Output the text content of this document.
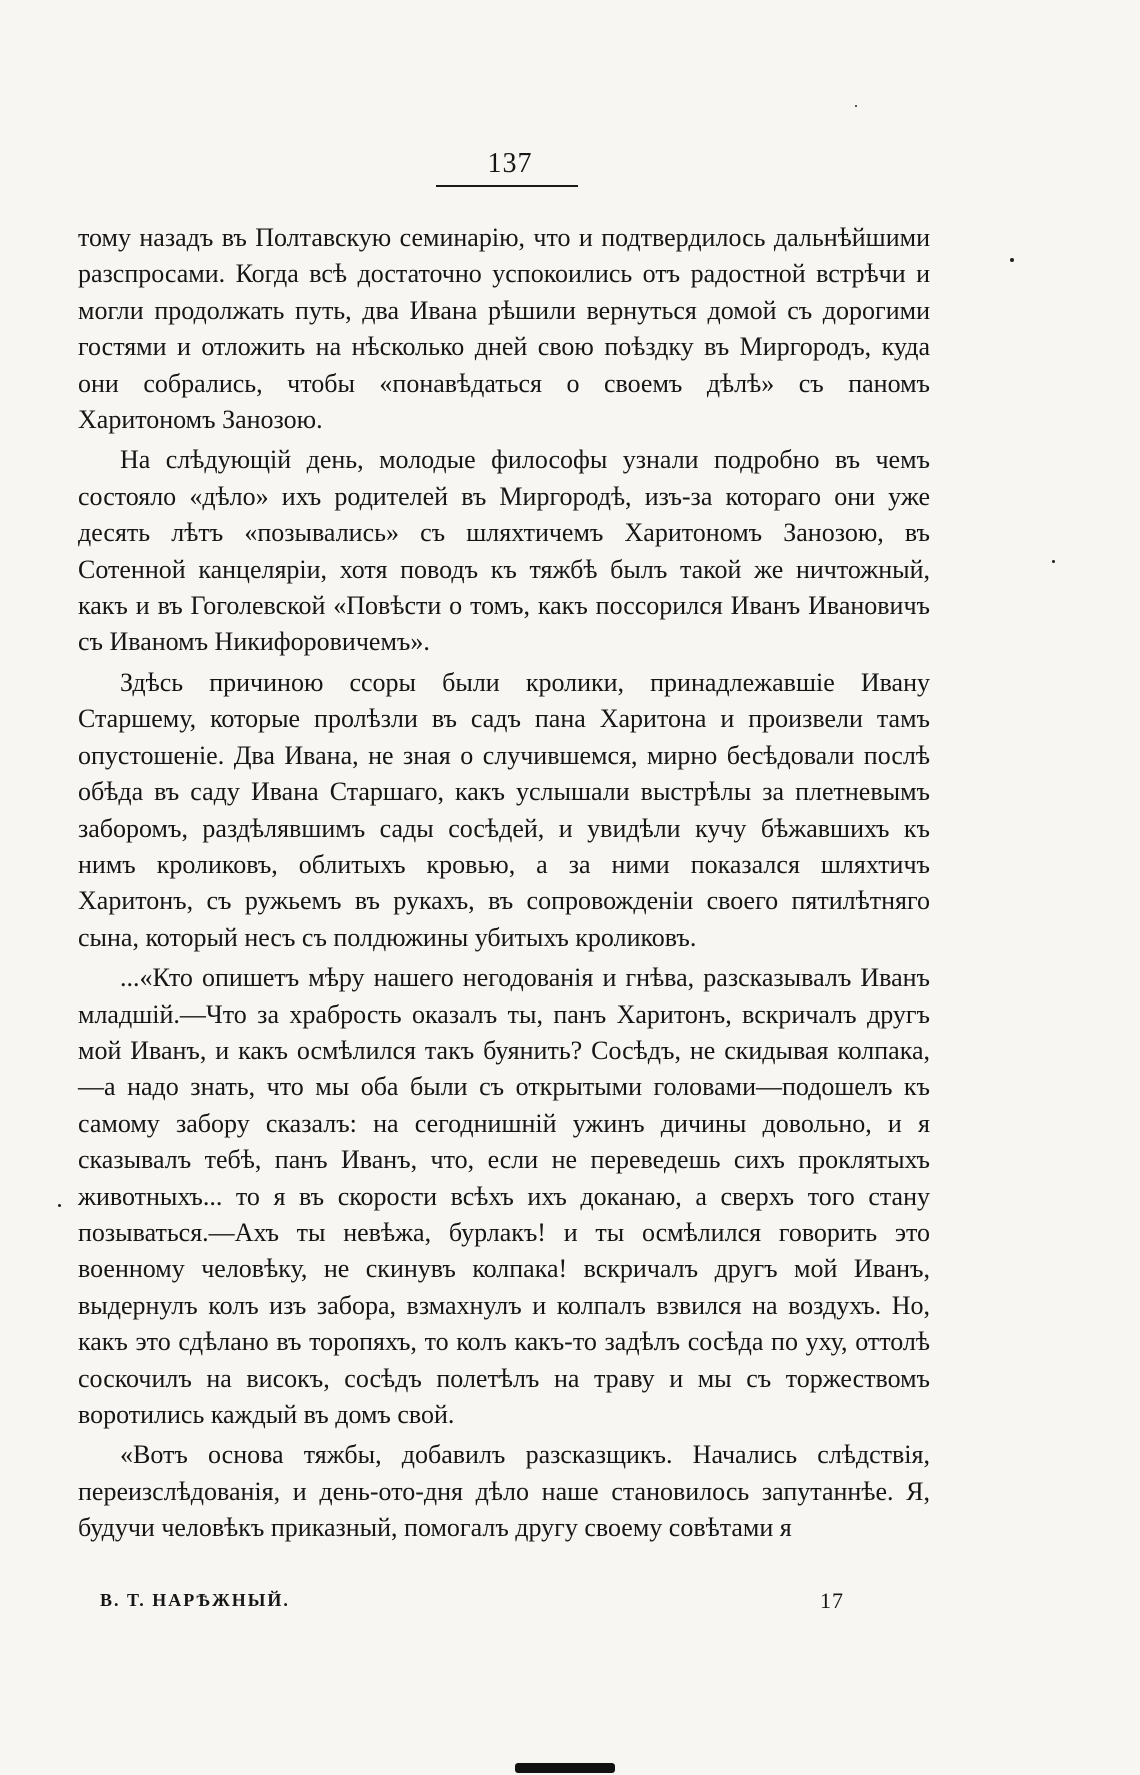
137

тому назадъ въ Полтавскую семинарію, что и подтвердилось дальнѣйшими разспросами. Когда всѣ достаточно успокоились отъ радостной встрѣчи и могли продолжать путь, два Ивана рѣшили вернуться домой съ дорогими гостями и отложить на нѣсколько дней свою поѣздку въ Миргородъ, куда они собрались, чтобы «понавѣдаться о своемъ дѣлѣ» съ паномъ Харитономъ Занозою.

На слѣдующій день, молодые философы узнали подробно въ чемъ состояло «дѣло» ихъ родителей въ Миргородѣ, изъ-за котораго они уже десять лѣтъ «позывались» съ шляхтичемъ Харитономъ Занозою, въ Сотенной канцеляріи, хотя поводъ къ тяжбѣ былъ такой же ничтожный, какъ и въ Гоголевской «Повѣсти о томъ, какъ поссорился Иванъ Ивановичъ съ Иваномъ Никифоровичемъ».

Здѣсь причиною ссоры были кролики, принадлежавшіе Ивану Старшему, которые пролѣзли въ садъ пана Харитона и произвели тамъ опустошеніе. Два Ивана, не зная о случившемся, мирно бесѣдовали послѣ обѣда въ саду Ивана Старшаго, какъ услышали выстрѣлы за плетневымъ заборомъ, раздѣлявшимъ сады сосѣдей, и увидѣли кучу бѣжавшихъ къ нимъ кроликовъ, облитыхъ кровью, а за ними показался шляхтичъ Харитонъ, съ ружьемъ въ рукахъ, въ сопровожденіи своего пятилѣтняго сына, который несъ съ полдюжины убитыхъ кроликовъ.

...«Кто опишетъ мѣру нашего негодованія и гнѣва, разсказывалъ Иванъ младшій.—Что за храбрость оказалъ ты, панъ Харитонъ, вскричалъ другъ мой Иванъ, и какъ осмѣлился такъ буянить? Сосѣдъ, не скидывая колпака,—а надо знать, что мы оба были съ открытыми головами—подошелъ къ самому забору сказалъ: на сегоднишній ужинъ дичины довольно, и я сказывалъ тебѣ, панъ Иванъ, что, если не переведешь сихъ проклятыхъ животныхъ... то я въ скорости всѣхъ ихъ доканаю, а сверхъ того стану позываться.—Ахъ ты невѣжа, бурлакъ! и ты осмѣлился говорить это военному человѣку, не скинувъ колпака! вскричалъ другъ мой Иванъ, выдернулъ колъ изъ забора, взмахнулъ и колпалъ взвился на воздухъ. Но, какъ это сдѣлано въ торопяхъ, то колъ какъ-то задѣлъ сосѣда по уху, оттолѣ соскочилъ на високъ, сосѣдъ полетѣлъ на траву и мы съ торжествомъ воротились каждый въ домъ свой.

«Вотъ основа тяжбы, добавилъ разсказщикъ. Начались слѣдствія, переизслѣдованія, и день-ото-дня дѣло наше становилось запутаннѣе. Я, будучи человѣкъ приказный, помогалъ другу своему совѣтами я

В. Т. НАРѢЖНЫЙ.	17
